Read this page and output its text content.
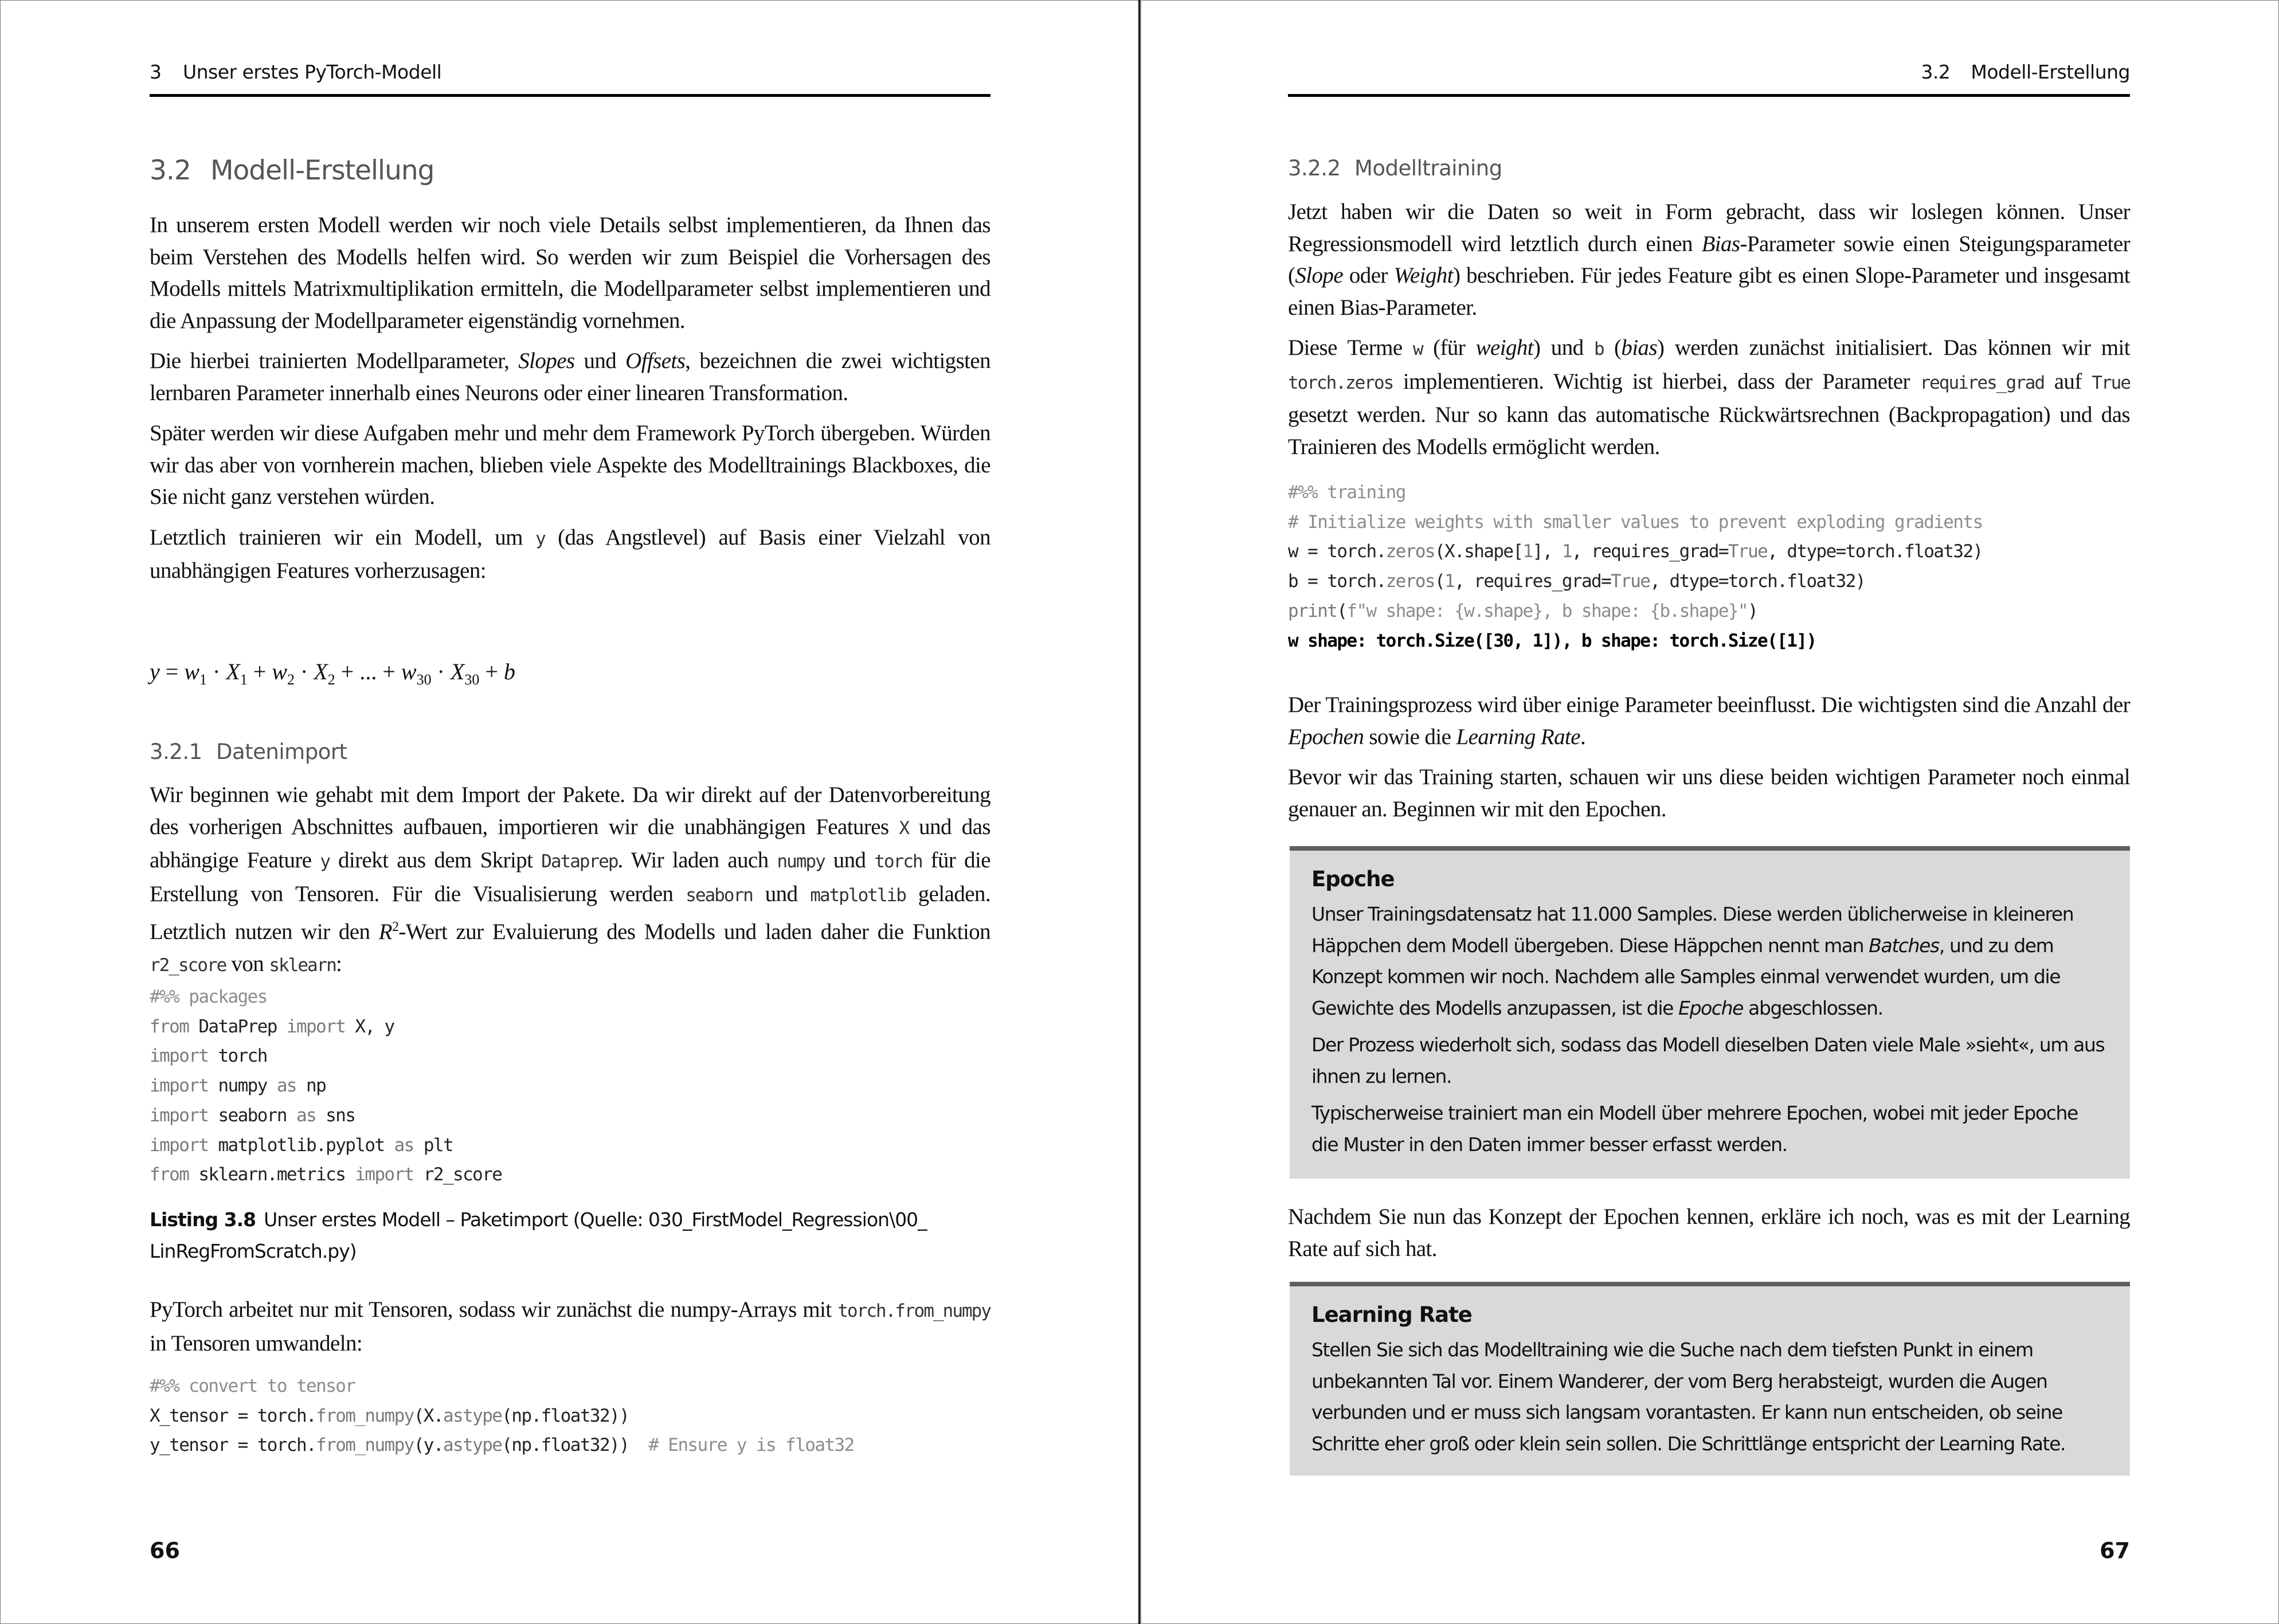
3 Unser erstes PyTorch-Modell
3.2 Modell-Erstellung

In unserem ersten Modell werden wir noch viele Details selbst implementieren, da Ihnen das beim Verstehen des Modells helfen wird. So werden wir zum Beispiel die Vorhersagen des Modells mittels Matrixmultiplikation ermitteln, die Modellparameter selbst implementieren und die Anpassung der Modellparameter eigenständig vornehmen.

Die hierbei trainierten Modellparameter, Slopes und Offsets, bezeichnen die zwei wichtigsten lernbaren Parameter innerhalb eines Neurons oder einer linearen Transformation.

Später werden wir diese Aufgaben mehr und mehr dem Framework PyTorch übergeben. Würden wir das aber von vornherein machen, blieben viele Aspekte des Modelltrainings Blackboxes, die Sie nicht ganz verstehen würden.

Letztlich trainieren wir ein Modell, um y (das Angstlevel) auf Basis einer Vielzahl von unabhängigen Features vorherzusagen:

$y = w_1 \cdot X_1 + w_2 \cdot X_2$ + ... + $w_{30} \cdot X_{30} + b$
3.2.1 Datenimport

Wir beginnen wie gehabt mit dem Import der Pakete. Da wir direkt auf der Datenvorbereitung des vorherigen Abschnittes aufbauen, importieren wir die unabhängigen Features X und das abhängige Feature y direkt aus dem Skript Dataprep. Wir laden auch numpy und torch für die Erstellung von Tensoren. Für die Visualisierung werden seaborn und matplotlib geladen. Letztlich nutzen wir den $R^2$-Wert zur Evaluierung des Modells und laden daher die Funktion r2_score von sklearn:

#%% packages
from DataPrep import X, y
import torch
import numpy as np
import seaborn as sns
import matplotlib.pyplot as plt
from sklearn.metrics import r2_score
Listing 3.8 Unser erstes Modell – Paketimport (Quelle: 030_FirstModel_Regression\00_ LinRegFromScratch.py)

PyTorch arbeitet nur mit Tensoren, sodass wir zunächst die numpy-Arrays mit torch.from_numpy in Tensoren umwandeln:

#%% convert to tensor
X_tensor = torch.from_numpy(X.astype(np.float32))
y_tensor = torch.from_numpy(y.astype(np.float32))  # Ensure y is float32
66
3.2 Modell-Erstellung
3.2.2 Modelltraining

Jetzt haben wir die Daten so weit in Form gebracht, dass wir loslegen können. Unser Regressionsmodell wird letztlich durch einen Bias-Parameter sowie einen Steigungsparameter (Slope oder Weight) beschrieben. Für jedes Feature gibt es einen Slope-Parameter und insgesamt einen Bias-Parameter.

Diese Terme w (für weight) und b (bias) werden zunächst initialisiert. Das können wir mit torch.zeros implementieren. Wichtig ist hierbei, dass der Parameter requires_​grad auf True gesetzt werden. Nur so kann das automatische Rückwärtsrechnen (Backpropagation) und das Trainieren des Modells ermöglicht werden.

#%% training
# Initialize weights with smaller values to prevent exploding gradients
w = torch.zeros(X.shape[1], 1, requires_grad=True, dtype=torch.float32)
b = torch.zeros(1, requires_grad=True, dtype=torch.float32)
print(f"w shape: {w.shape}, b shape: {b.shape}")
w shape: torch.Size([30, 1]), b shape: torch.Size([1])

Der Trainingsprozess wird über einige Parameter beeinflusst. Die wichtigsten sind die Anzahl der Epochen sowie die Learning Rate.

Bevor wir das Training starten, schauen wir uns diese beiden wichtigen Parameter noch einmal genauer an. Beginnen wir mit den Epochen.

Epoche

Unser Trainingsdatensatz hat 11.000 Samples. Diese werden üblicherweise in kleineren Häppchen dem Modell übergeben. Diese Häppchen nennt man Batches, und zu dem Konzept kommen wir noch. Nachdem alle Samples einmal verwendet wurden, um die Gewichte des Modells anzupassen, ist die Epoche abgeschlossen.

Der Prozess wiederholt sich, sodass das Modell dieselben Daten viele Male »sieht«, um aus ihnen zu lernen.

Typischerweise trainiert man ein Modell über mehrere Epochen, wobei mit jeder Epoche die Muster in den Daten immer besser erfasst werden.

Nachdem Sie nun das Konzept der Epochen kennen, erkläre ich noch, was es mit der Learning Rate auf sich hat.

Learning Rate

Stellen Sie sich das Modelltraining wie die Suche nach dem tiefsten Punkt in einem unbekannten Tal vor. Einem Wanderer, der vom Berg herabsteigt, wurden die Augen verbunden und er muss sich langsam vorantasten. Er kann nun entscheiden, ob seine Schritte eher groß oder klein sein sollen. Die Schrittlänge entspricht der Learning Rate.

67
